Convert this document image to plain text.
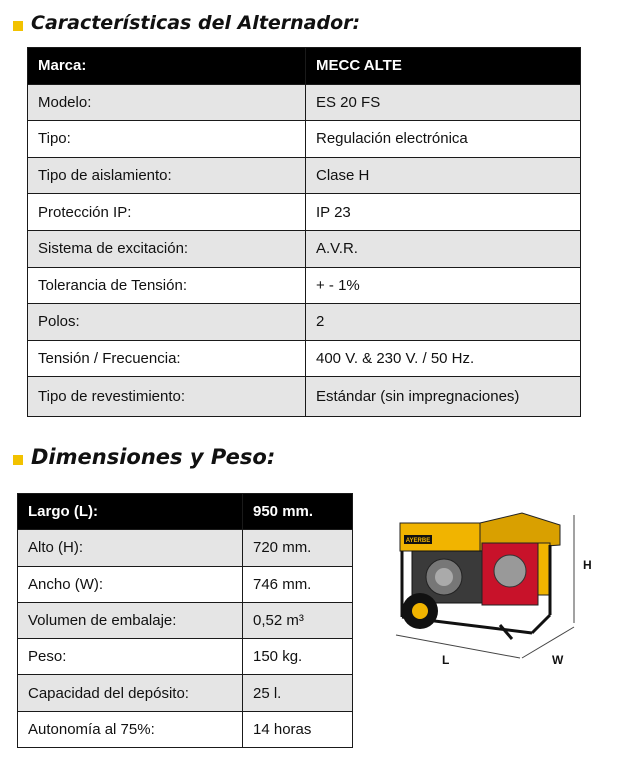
Características del Alternador:
Marca:	MECC ALTE
Modelo:	ES 20 FS
Tipo:	Regulación electrónica
Tipo de aislamiento:	Clase H
Protección IP:	IP 23
Sistema de excitación:	A.V.R.
Tolerancia de Tensión:	+ - 1%
Polos:	2
Tensión / Frecuencia:	400 V. & 230 V. / 50 Hz.
Tipo de revestimiento:	Estándar (sin impregnaciones)
Dimensiones y Peso:
Largo (L):	950 mm.
Alto (H):	720 mm.
Ancho (W):	746 mm.
Volumen de embalaje:	0,52 m³
Peso:	150 kg.
Capacidad del depósito:	25 l.
Autonomía al 75%:	14 horas
AYERBE
H
L	W
